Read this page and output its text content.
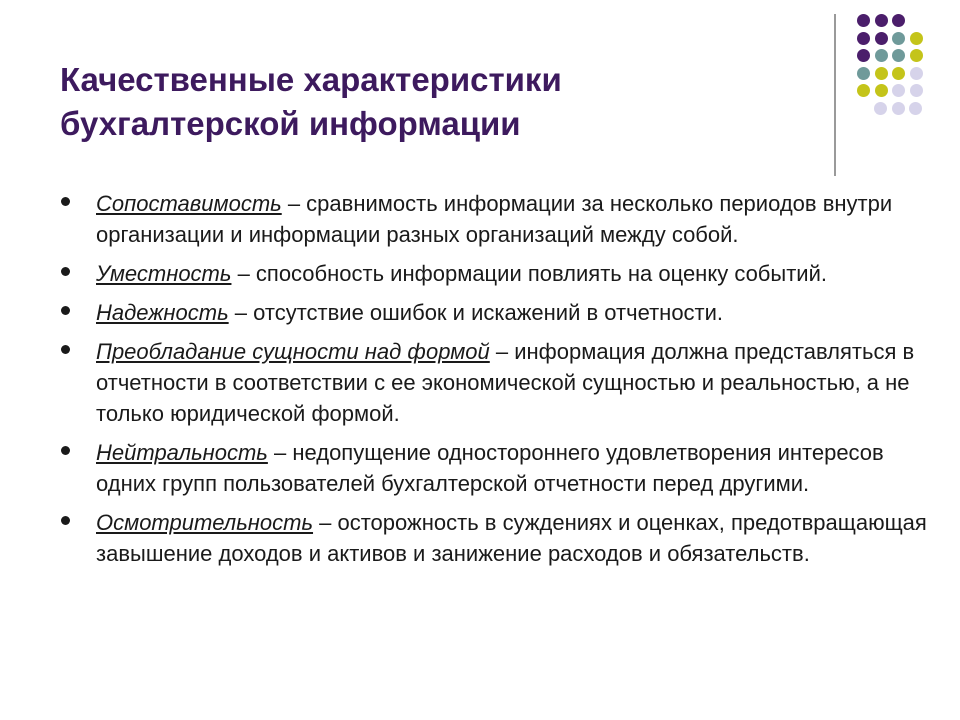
Качественные характеристики
бухгалтерской информации
Сопоставимость – сравнимость информации за несколько периодов внутри организации и информации разных организаций между собой.
Уместность – способность информации повлиять на оценку событий.
Надежность – отсутствие ошибок и искажений в отчетности.
Преобладание сущности над формой – информация должна представляться в отчетности в соответствии с ее экономической сущностью и реальностью, а не только юридической формой.
Нейтральность – недопущение одностороннего удовлетворения интересов одних групп пользователей бухгалтерской отчетности перед другими.
Осмотрительность – осторожность в суждениях и оценках, предотвращающая завышение доходов и активов и занижение расходов и обязательств.
